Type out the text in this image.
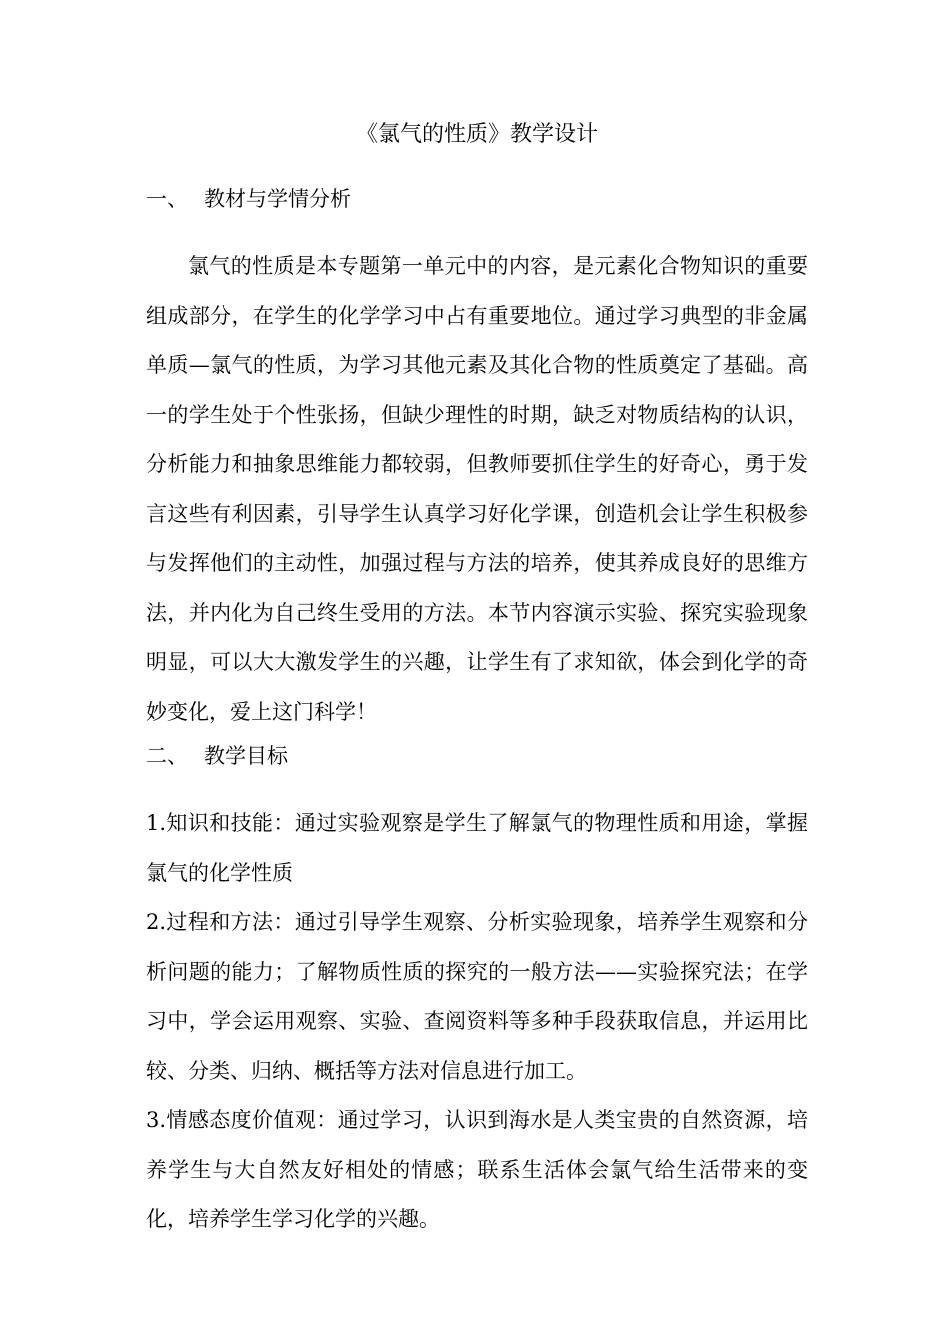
《氯气的性质》教学设计
一、 教材与学情分析

氯气的性质是本专题第一单元中的内容，是元素化合物知识的重要组成部分，在学生的化学学习中占有重要地位。通过学习典型的非金属单质—氯气的性质，为学习其他元素及其化合物的性质奠定了基础。高一的学生处于个性张扬，但缺少理性的时期，缺乏对物质结构的认识，分析能力和抽象思维能力都较弱，但教师要抓住学生的好奇心，勇于发言这些有利因素，引导学生认真学习好化学课，创造机会让学生积极参与发挥他们的主动性，加强过程与方法的培养，使其养成良好的思维方法，并内化为自己终生受用的方法。本节内容演示实验、探究实验现象明显，可以大大激发学生的兴趣，让学生有了求知欲，体会到化学的奇妙变化，爱上这门科学！

二、 教学目标

1.知识和技能：通过实验观察是学生了解氯气的物理性质和用途，掌握氯气的化学性质

2.过程和方法：通过引导学生观察、分析实验现象，培养学生观察和分析问题的能力；了解物质性质的探究的一般方法——实验探究法；在学习中，学会运用观察、实验、查阅资料等多种手段获取信息，并运用比较、分类、归纳、概括等方法对信息进行加工。

3.情感态度价值观：通过学习，认识到海水是人类宝贵的自然资源，培养学生与大自然友好相处的情感；联系生活体会氯气给生活带来的变化，培养学生学习化学的兴趣。
